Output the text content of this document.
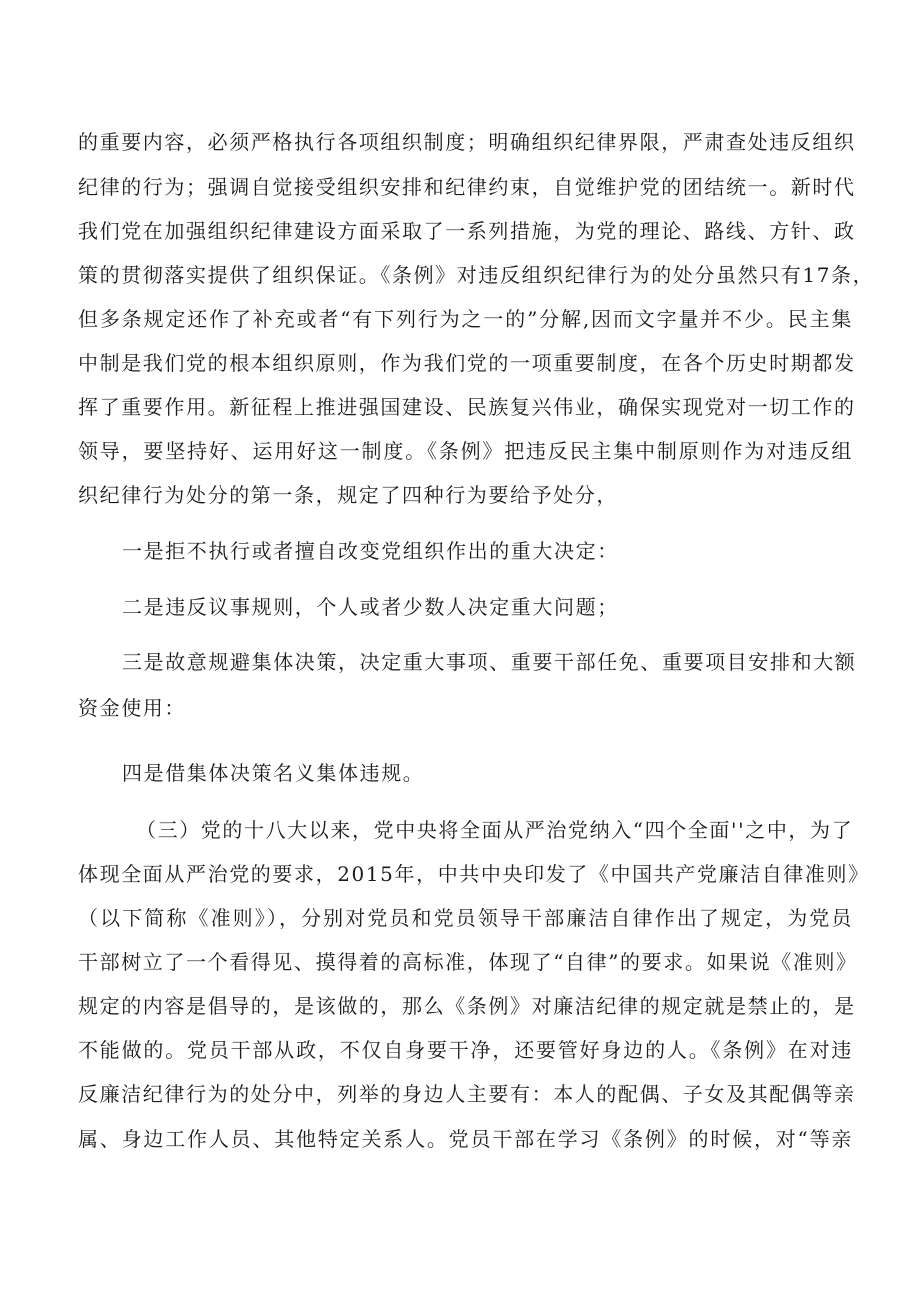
的重要内容，必须严格执行各项组织制度；明确组织纪律界限，严肃查处违反组织
纪律的行为；强调自觉接受组织安排和纪律约束，自觉维护党的团结统一。新时代
我们党在加强组织纪律建设方面采取了一系列措施，为党的理论、路线、方针、政
策的贯彻落实提供了组织保证。《条例》对违反组织纪律行为的处分虽然只有17条，
但多条规定还作了补充或者“有下列行为之一的”分解,因而文字量并不少。民主集
中制是我们党的根本组织原则，作为我们党的一项重要制度，在各个历史时期都发
挥了重要作用。新征程上推进强国建设、民族复兴伟业，确保实现党对一切工作的
领导，要坚持好、运用好这一制度。《条例》把违反民主集中制原则作为对违反组
织纪律行为处分的第一条，规定了四种行为要给予处分，
一是拒不执行或者擅自改变党组织作出的重大决定：
二是违反议事规则，个人或者少数人决定重大问题；
三是故意规避集体决策，决定重大事项、重要干部任免、重要项目安排和大额
资金使用：
四是借集体决策名义集体违规。
（三）党的十八大以来，党中央将全面从严治党纳入“四个全面''之中，为了
体现全面从严治党的要求，2015年，中共中央印发了《中国共产党廉洁自律准则》
（以下简称《准则》），分别对党员和党员领导干部廉洁自律作出了规定，为党员
干部树立了一个看得见、摸得着的高标准，体现了“自律”的要求。如果说《准则》
规定的内容是倡导的，是该做的，那么《条例》对廉洁纪律的规定就是禁止的，是
不能做的。党员干部从政，不仅自身要干净，还要管好身边的人。《条例》在对违
反廉洁纪律行为的处分中，列举的身边人主要有：本人的配偶、子女及其配偶等亲
属、身边工作人员、其他特定关系人。党员干部在学习《条例》的时候，对“等亲
